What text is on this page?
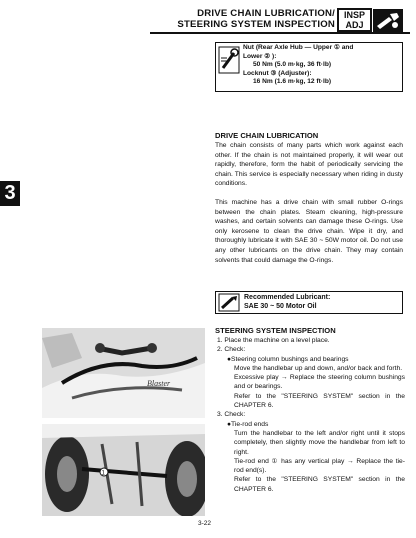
DRIVE CHAIN LUBRICATION/
STEERING SYSTEM INSPECTION
INSP
ADJ
Nut (Rear Axle Hub — Upper ① and
Lower ② ):
50 Nm (5.0 m·kg, 36 ft·lb)
Locknut ③ (Adjuster):
16 Nm (1.6 m·kg, 12 ft·lb)
3
DRIVE CHAIN LUBRICATION
The chain consists of many parts which work against each other. If the chain is not maintained properly, it will wear out rapidly, therefore, form the habit of periodically servicing the chain. This service is especially necessary when riding in dusty conditions.
This machine has a drive chain with small rubber O-rings between the chain plates. Steam cleaning, high-pressure washes, and certain solvents can damage these O-rings. Use only kerosene to clean the drive chain. Wipe it dry, and thoroughly lubricate it with SAE 30 ~ 50W motor oil. Do not use any other lubricants on the drive chain. They may contain solvents that could damage the O-rings.
Recommended Lubricant:
SAE 30 ~ 50 Motor Oil
STEERING SYSTEM INSPECTION
1. Place the machine on a level place.
2. Check:
●Steering column bushings and bearings
Move the handlebar up and down, and/or back and forth.
Excessive play → Replace the steering column bushings and or bearings.
Refer to the "STEERING SYSTEM" section in the CHAPTER 6.
3. Check:
●Tie-rod ends
Turn the handlebar to the left and/or right until it stops completely, then slightly move the handlebar from left to right.
Tie-rod end ① has any vertical play → Replace the tie-rod end(s).
Refer to the "STEERING SYSTEM" section in the CHAPTER 6.
Blaster
1
3-22
